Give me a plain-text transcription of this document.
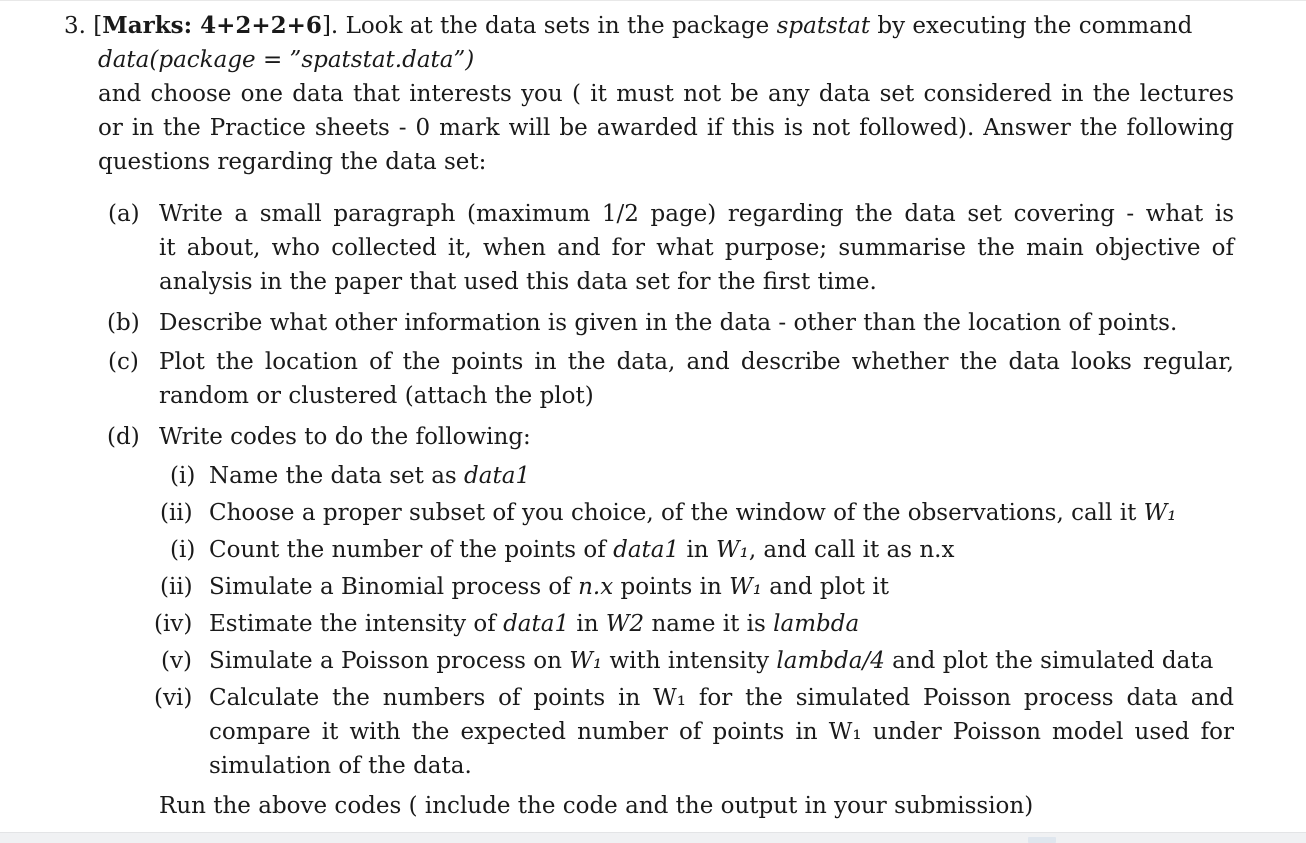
3. [Marks: 4+2+2+6]. Look at the data sets in the package spatstat by executing the command
data(package = ”spatstat.data”)
and choose one data that interests you ( it must not be any data set considered in the lectures
or in the Practice sheets - 0 mark will be awarded if this is not followed). Answer the following
questions regarding the data set:
(a) Write a small paragraph (maximum 1/2 page) regarding the data set covering - what is
it about, who collected it, when and for what purpose; summarise the main objective of
analysis in the paper that used this data set for the first time.
(b) Describe what other information is given in the data - other than the location of points.
(c) Plot the location of the points in the data, and describe whether the data looks regular,
random or clustered (attach the plot)
(d) Write codes to do the following:
(i) Name the data set as data1
(ii) Choose a proper subset of you choice, of the window of the observations, call it W₁
(i) Count the number of the points of data1 in W₁, and call it as n.x
(ii) Simulate a Binomial process of n.x points in W₁ and plot it
(iv) Estimate the intensity of data1 in W2 name it is lambda
(v) Simulate a Poisson process on W₁ with intensity lambda/4 and plot the simulated data
(vi) Calculate the numbers of points in W₁ for the simulated Poisson process data and
compare it with the expected number of points in W₁ under Poisson model used for
simulation of the data.
Run the above codes ( include the code and the output in your submission)
